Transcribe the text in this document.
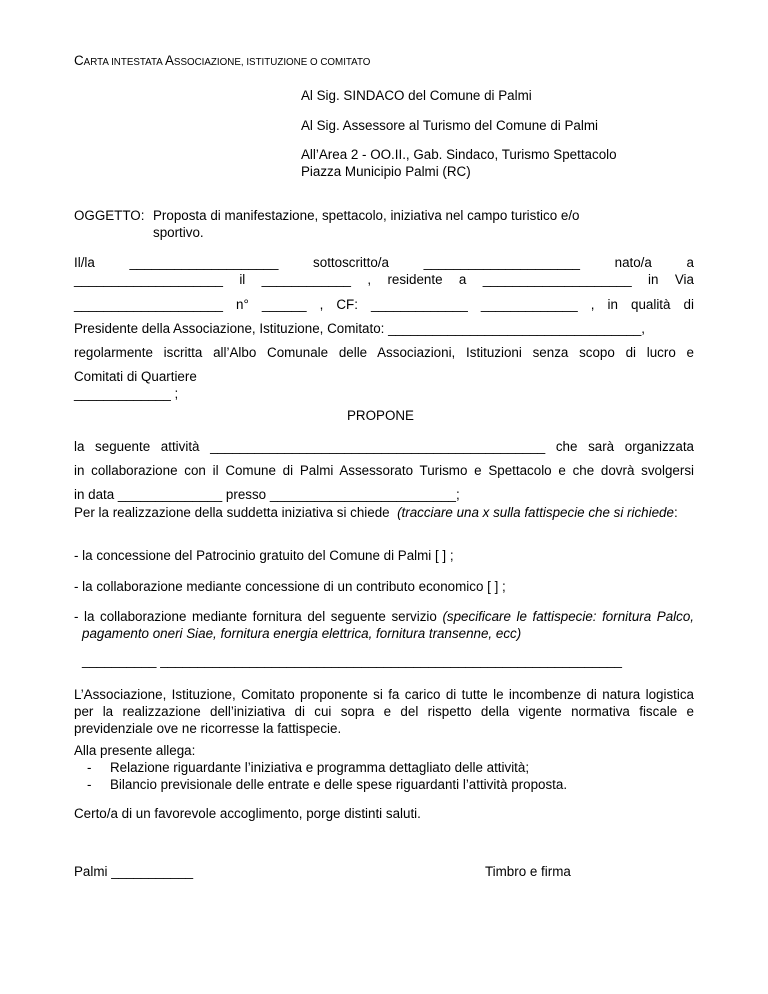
CARTA INTESTATA ASSOCIAZIONE, ISTITUZIONE O COMITATO
Al Sig. SINDACO del Comune di Palmi
Al Sig. Assessore al Turismo del Comune di Palmi
All’Area 2 - OO.II., Gab. Sindaco, Turismo Spettacolo
Piazza Municipio Palmi (RC)
OGGETTO: Proposta di manifestazione, spettacolo, iniziativa nel campo turistico e/o
sportivo.
Il/la	____________________	sottoscritto/a	_____________________	nato/a	a
____________________ il ____________ , residente a ____________________ in Via
____________________ n° ______ , CF: _____________ _____________ , in qualità di
Presidente della Associazione, Istituzione, Comitato: __________________________________,
regolarmente iscritta all’Albo Comunale delle Associazioni, Istituzioni senza scopo di lucro e
Comitati di Quartiere
_____________ ;
PROPONE
la seguente attività _____________________________________________ che sarà organizzata
in collaborazione con il Comune di Palmi Assessorato Turismo e Spettacolo e che dovrà svolgersi
in data ______________ presso _________________________;
Per la realizzazione della suddetta iniziativa si chiede (tracciare una x sulla fattispecie che si richiede:
- la concessione del Patrocinio gratuito del Comune di Palmi [ ] ;
- la collaborazione mediante concessione di un contributo economico [ ] ;
- la collaborazione mediante fornitura del seguente servizio (specificare le fattispecie: fornitura Palco, pagamento oneri Siae, fornitura energia elettrica, fornitura transenne, ecc)
__________ ______________________________________________________________
L’Associazione, Istituzione, Comitato proponente si fa carico di tutte le incombenze di natura logistica per la realizzazione dell’iniziativa di cui sopra e del rispetto della vigente normativa fiscale e previdenziale ove ne ricorresse la fattispecie.
Alla presente allega:
- Relazione riguardante l’iniziativa e programma dettagliato delle attività;
- Bilancio previsionale delle entrate e delle spese riguardanti l’attività proposta.
Certo/a di un favorevole accoglimento, porge distinti saluti.
Palmi ___________	Timbro e firma
